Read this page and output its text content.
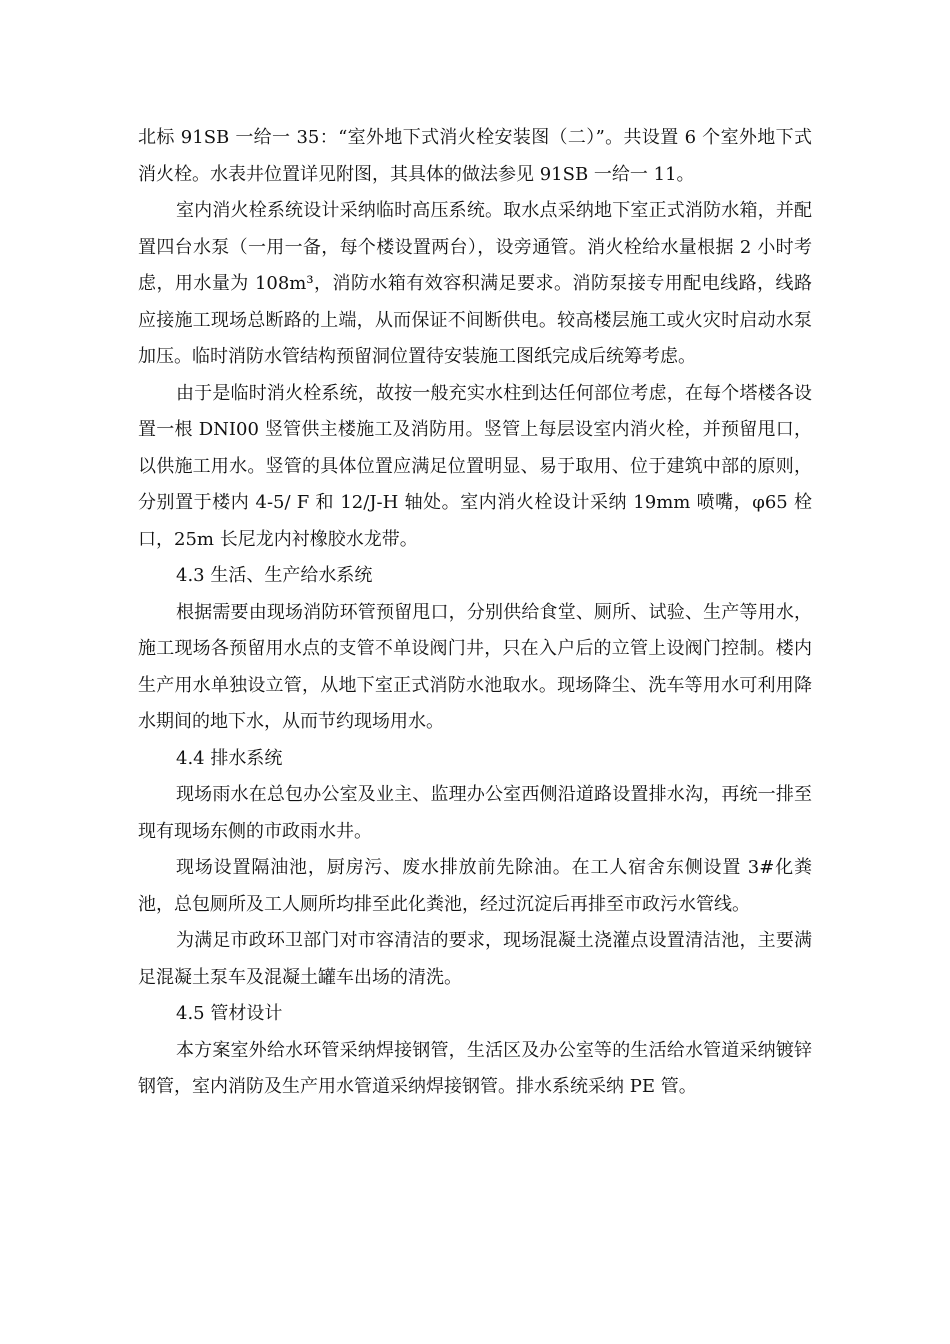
北标 91SB 一给一 35：“室外地下式消火栓安装图（二）”。共设置 6 个室外地下式消火栓。水表井位置详见附图，其具体的做法参见 91SB 一给一 11。

室内消火栓系统设计采纳临时高压系统。取水点采纳地下室正式消防水箱，并配置四台水泵（一用一备，每个楼设置两台），设旁通管。消火栓给水量根据 2 小时考虑，用水量为 108m³，消防水箱有效容积满足要求。消防泵接专用配电线路，线路应接施工现场总断路的上端，从而保证不间断供电。较高楼层施工或火灾时启动水泵加压。临时消防水管结构预留洞位置待安装施工图纸完成后统筹考虑。

由于是临时消火栓系统，故按一般充实水柱到达任何部位考虑，在每个塔楼各设置一根 DNI00 竖管供主楼施工及消防用。竖管上每层设室内消火栓，并预留甩口，以供施工用水。竖管的具体位置应满足位置明显、易于取用、位于建筑中部的原则，分别置于楼内 4-5/ F 和 12/J-H 轴处。室内消火栓设计采纳 19mm 喷嘴，φ65 栓口，25m 长尼龙内衬橡胶水龙带。

4.3 生活、生产给水系统

根据需要由现场消防环管预留甩口，分别供给食堂、厕所、试验、生产等用水，施工现场各预留用水点的支管不单设阀门井，只在入户后的立管上设阀门控制。楼内生产用水单独设立管，从地下室正式消防水池取水。现场降尘、洗车等用水可利用降水期间的地下水，从而节约现场用水。

4.4 排水系统

现场雨水在总包办公室及业主、监理办公室西侧沿道路设置排水沟，再统一排至现有现场东侧的市政雨水井。

现场设置隔油池，厨房污、废水排放前先除油。在工人宿舍东侧设置 3#化粪池，总包厕所及工人厕所均排至此化粪池，经过沉淀后再排至市政污水管线。

为满足市政环卫部门对市容清洁的要求，现场混凝土浇灌点设置清洁池，主要满足混凝土泵车及混凝土罐车出场的清洗。

4.5 管材设计

本方案室外给水环管采纳焊接钢管，生活区及办公室等的生活给水管道采纳镀锌钢管，室内消防及生产用水管道采纳焊接钢管。排水系统采纳 PE 管。
